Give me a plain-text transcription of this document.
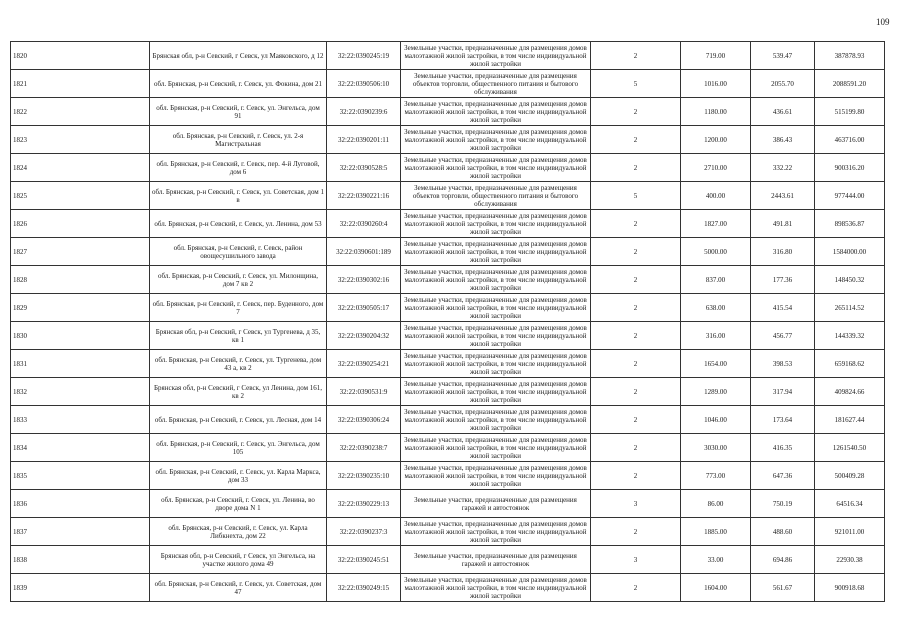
109
1820	Брянская обл, р-н Севский, г Севск, ул Маяковского, д 12	32:22:0390245:19	Земельные участки, предназначенные для размещения домов малоэтажной жилой застройки, в том числе индивидуальной жилой застройки	2	719.00	539.47	387878.93
1821	обл. Брянская, р-н Севский, г. Севск, ул. Фокина, дом 21	32:22:0390506:10	Земельные участки, предназначенные для размещения объектов торговли, общественного питания и бытового обслуживания	5	1016.00	2055.70	2088591.20
1822	обл. Брянская, р-н Севский, г. Севск, ул. Энгельса, дом 91	32:22:0390239:6	Земельные участки, предназначенные для размещения домов малоэтажной жилой застройки, в том числе индивидуальной жилой застройки	2	1180.00	436.61	515199.80
1823	обл. Брянская, р-н Севский, г. Севск, ул. 2-я Магистральная	32:22:0390201:11	Земельные участки, предназначенные для размещения домов малоэтажной жилой застройки, в том числе индивидуальной жилой застройки	2	1200.00	386.43	463716.00
1824	обл. Брянская, р-н Севский, г. Севск, пер. 4-й Луговой, дом 6	32:22:0390528:5	Земельные участки, предназначенные для размещения домов малоэтажной жилой застройки, в том числе индивидуальной жилой застройки	2	2710.00	332.22	900316.20
1825	обл. Брянская, р-н Севский, г. Севск, ул. Советская, дом 1 в	32:22:0390221:16	Земельные участки, предназначенные для размещения объектов торговли, общественного питания и бытового обслуживания	5	400.00	2443.61	977444.00
1826	обл. Брянская, р-н Севский, г. Севск, ул. Ленина, дом 53	32:22:0390260:4	Земельные участки, предназначенные для размещения домов малоэтажной жилой застройки, в том числе индивидуальной жилой застройки	2	1827.00	491.81	898536.87
1827	обл. Брянская, р-н Севский, г. Севск, район овощесушильного завода	32:22:0390601:189	Земельные участки, предназначенные для размещения домов малоэтажной жилой застройки, в том числе индивидуальной жилой застройки	2	5000.00	316.80	1584000.00
1828	обл. Брянская, р-н Севский, г. Севск, ул. Милонщина, дом 7 кв 2	32:22:0390302:16	Земельные участки, предназначенные для размещения домов малоэтажной жилой застройки, в том числе индивидуальной жилой застройки	2	837.00	177.36	148450.32
1829	обл. Брянская, р-н Севский, г. Севск, пер. Буденного, дом 7	32:22:0390505:17	Земельные участки, предназначенные для размещения домов малоэтажной жилой застройки, в том числе индивидуальной жилой застройки	2	638.00	415.54	265114.52
1830	Брянская обл, р-н Севский, г Севск, ул Тургенева, д 35, кв 1	32:22:0390204:32	Земельные участки, предназначенные для размещения домов малоэтажной жилой застройки, в том числе индивидуальной жилой застройки	2	316.00	456.77	144339.32
1831	обл. Брянская, р-н Севский, г. Севск, ул. Тургенева, дом 43 а, кв 2	32:22:0390254:21	Земельные участки, предназначенные для размещения домов малоэтажной жилой застройки, в том числе индивидуальной жилой застройки	2	1654.00	398.53	659168.62
1832	Брянская обл, р-н Севский, г Севск, ул Ленина, дом 161, кв 2	32:22:0390531:9	Земельные участки, предназначенные для размещения домов малоэтажной жилой застройки, в том числе индивидуальной жилой застройки	2	1289.00	317.94	409824.66
1833	обл. Брянская, р-н Севский, г. Севск, ул. Лесная, дом 14	32:22:0390306:24	Земельные участки, предназначенные для размещения домов малоэтажной жилой застройки, в том числе индивидуальной жилой застройки	2	1046.00	173.64	181627.44
1834	обл. Брянская, р-н Севский, г. Севск, ул. Энгельса, дом 105	32:22:0390238:7	Земельные участки, предназначенные для размещения домов малоэтажной жилой застройки, в том числе индивидуальной жилой застройки	2	3030.00	416.35	1261540.50
1835	обл. Брянская, р-н Севский, г. Севск, ул. Карла Маркса, дом 33	32:22:0390235:10	Земельные участки, предназначенные для размещения домов малоэтажной жилой застройки, в том числе индивидуальной жилой застройки	2	773.00	647.36	500409.28
1836	обл. Брянская, р-н Севский, г. Севск, ул. Ленина, во дворе дома N 1	32:22:0390229:13	Земельные участки, предназначенные для размещения гаражей и автостоянок	3	86.00	750.19	64516.34
1837	обл. Брянская, р-н Севский, г. Севск, ул. Карла Либкнехта, дом 22	32:22:0390237:3	Земельные участки, предназначенные для размещения домов малоэтажной жилой застройки, в том числе индивидуальной жилой застройки	2	1885.00	488.60	921011.00
1838	Брянская обл, р-н Севский, г Севск, ул Энгельса, на участке жилого дома 49	32:22:0390245:51	Земельные участки, предназначенные для размещения гаражей и автостоянок	3	33.00	694.86	22930.38
1839	обл. Брянская, р-н Севский, г. Севск, ул. Советская, дом 47	32:22:0390249:15	Земельные участки, предназначенные для размещения домов малоэтажной жилой застройки, в том числе индивидуальной жилой застройки	2	1604.00	561.67	900918.68
